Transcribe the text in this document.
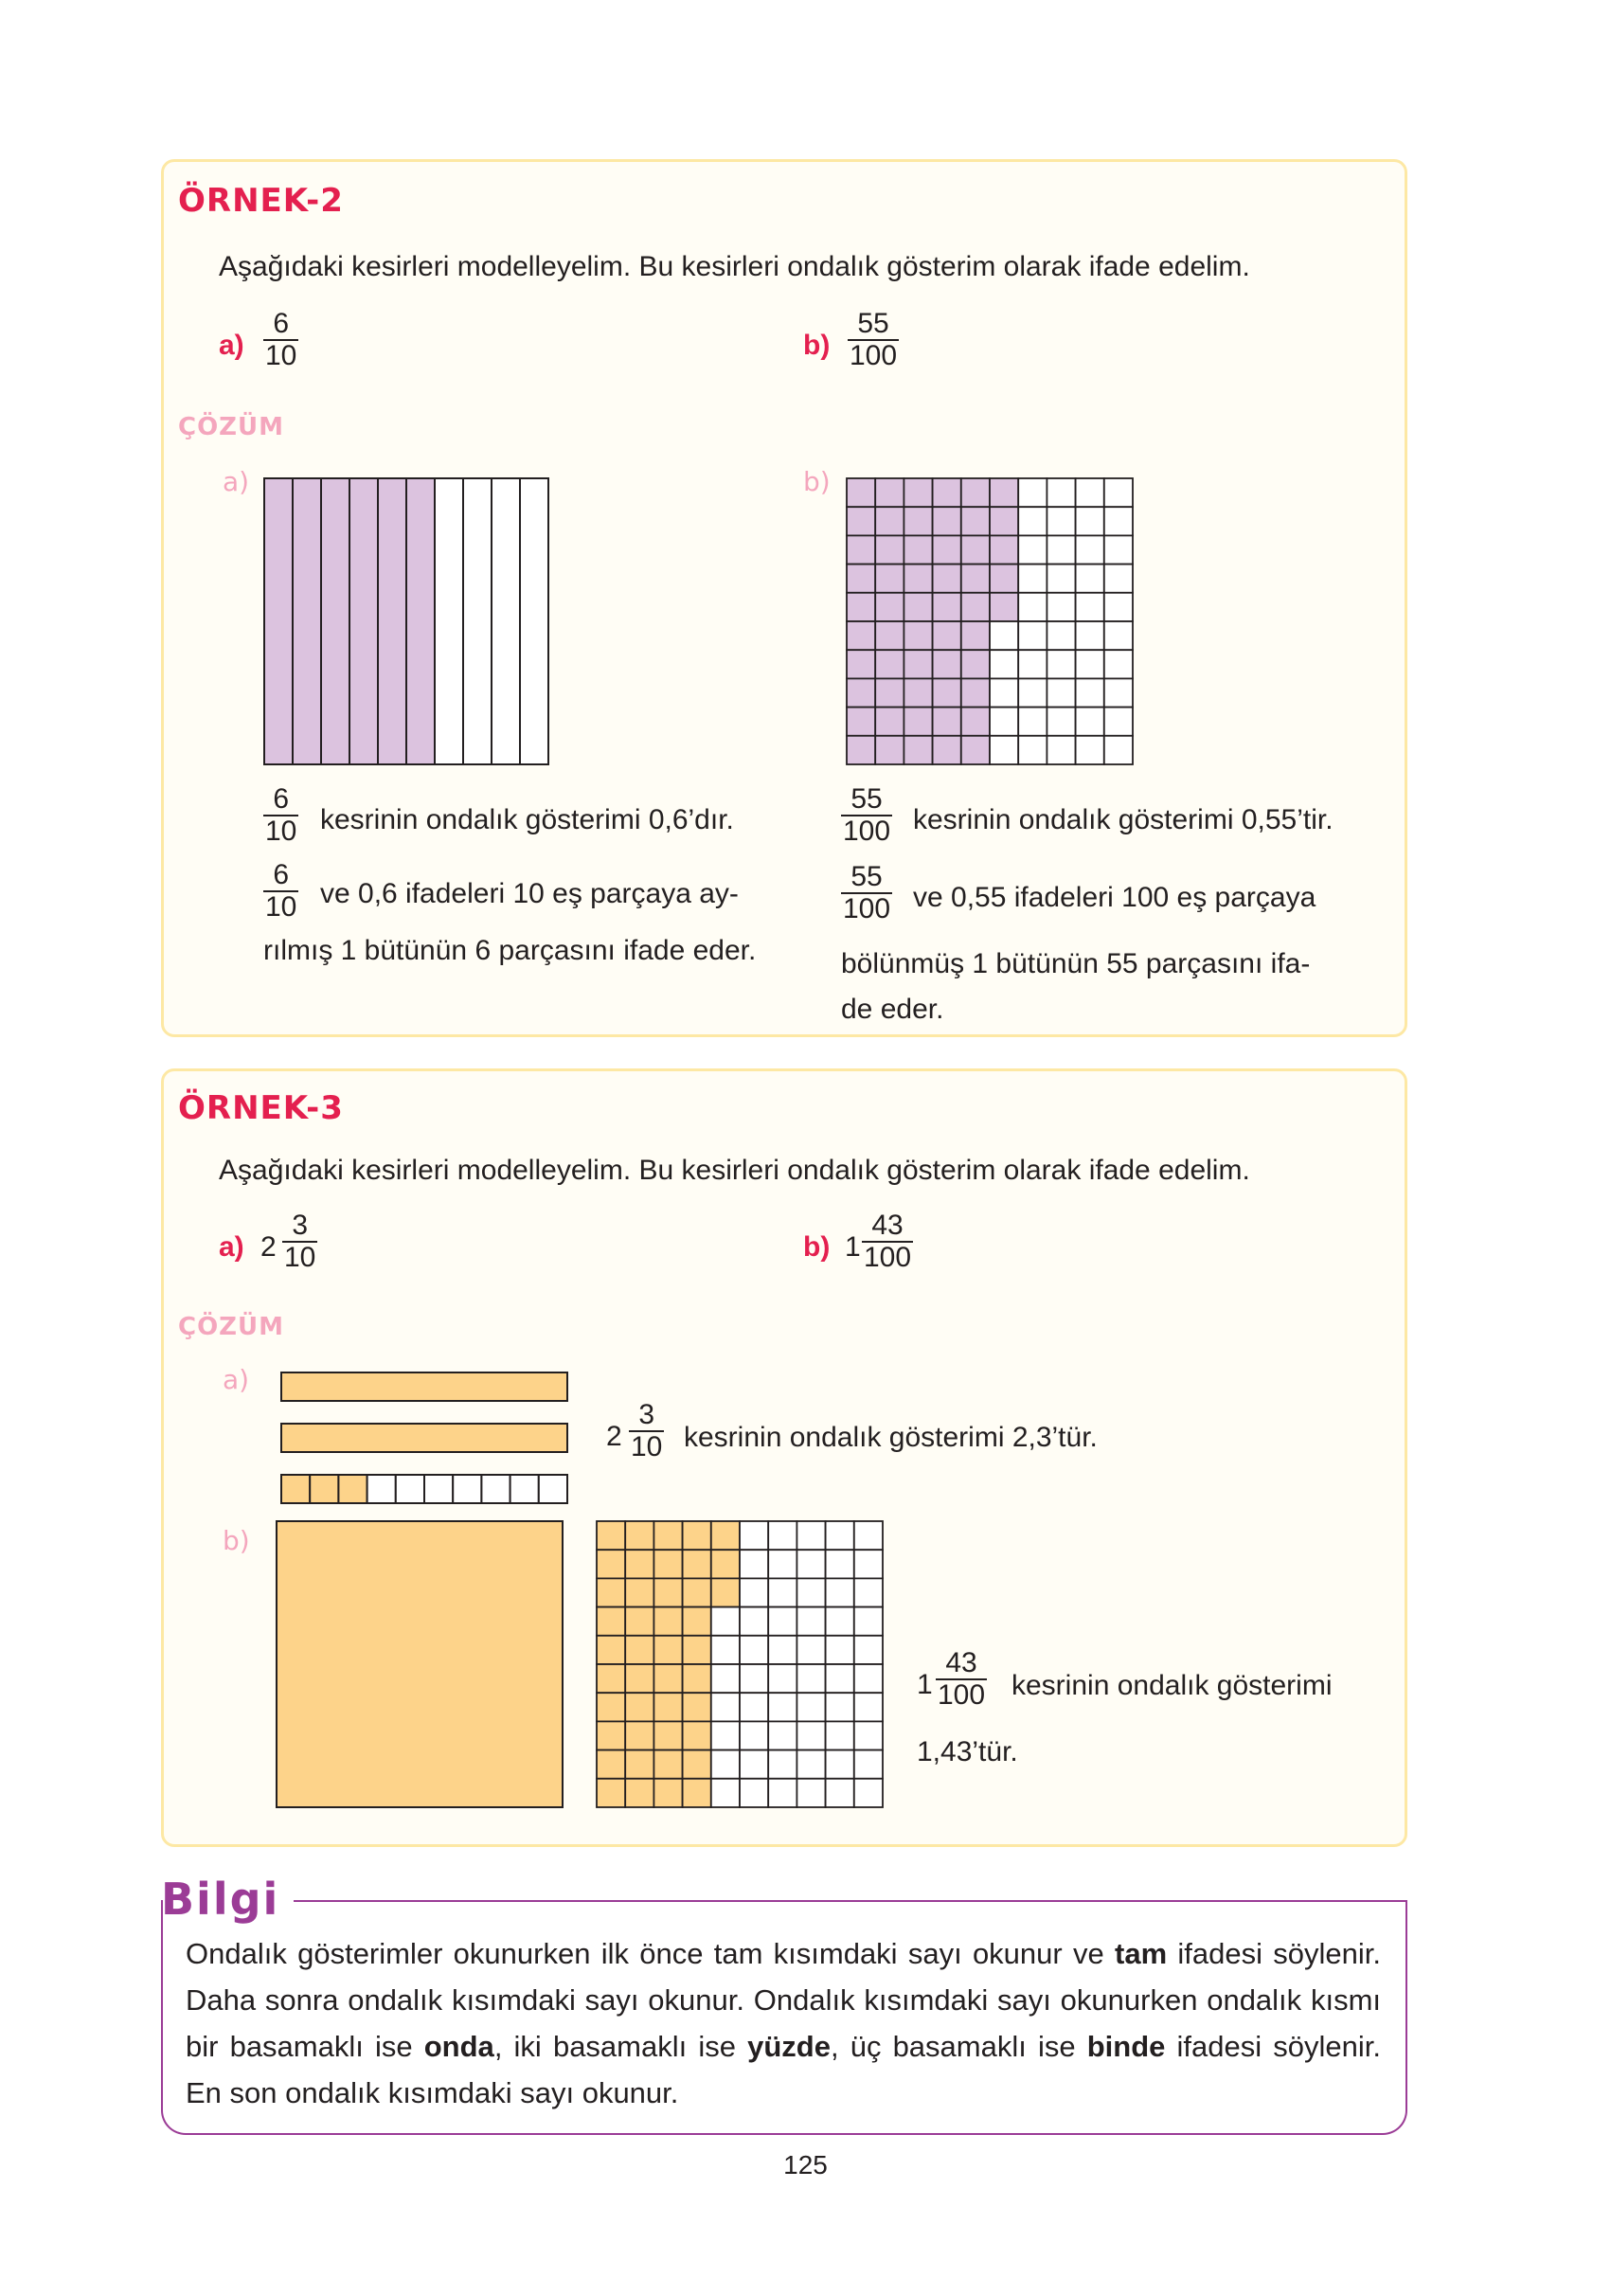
ÖRNEK-2
Aşağıdaki kesirleri modelleyelim. Bu kesirleri ondalık gösterim olarak ifade edelim.
$a) \frac{6}{10}$	$b) \frac{55}{100}$
ÇÖZÜM
a)	b)
$\frac{6}{10}$ kesrinin ondalık gösterimi 0,6’dır.
$\frac{6}{10}$ ve 0,6 ifadeleri 10 eş parçaya ay-
rılmış 1 bütünün 6 parçasını ifade eder.
$\frac{55}{100}$ kesrinin ondalık gösterimi 0,55’tir.
$\frac{55}{100}$ ve 0,55 ifadeleri 100 eş parçaya
bölünmüş 1 bütünün 55 parçasını ifa-
de eder.
ÖRNEK-3
Aşağıdaki kesirleri modelleyelim. Bu kesirleri ondalık gösterim olarak ifade edelim.
a) $2 \frac{3}{10}$	b) $1 \frac{43}{100}$
ÇÖZÜM
a)
b)
$2 \frac{3}{10}$ kesrinin ondalık gösterimi 2,3’tür.
$1 \frac{43}{100}$ kesrinin ondalık gösterimi
1,43’tür.
Bilgi
Ondalık gösterimler okunurken ilk önce tam kısımdaki sayı okunur ve tam ifadesi söylenir. Daha sonra ondalık kısımdaki sayı okunur. Ondalık kısımdaki sayı okunurken ondalık kısmı bir basamaklı ise onda, iki basamaklı ise yüzde, üç basamaklı ise binde ifadesi söylenir. En son ondalık kısımdaki sayı okunur.
125
